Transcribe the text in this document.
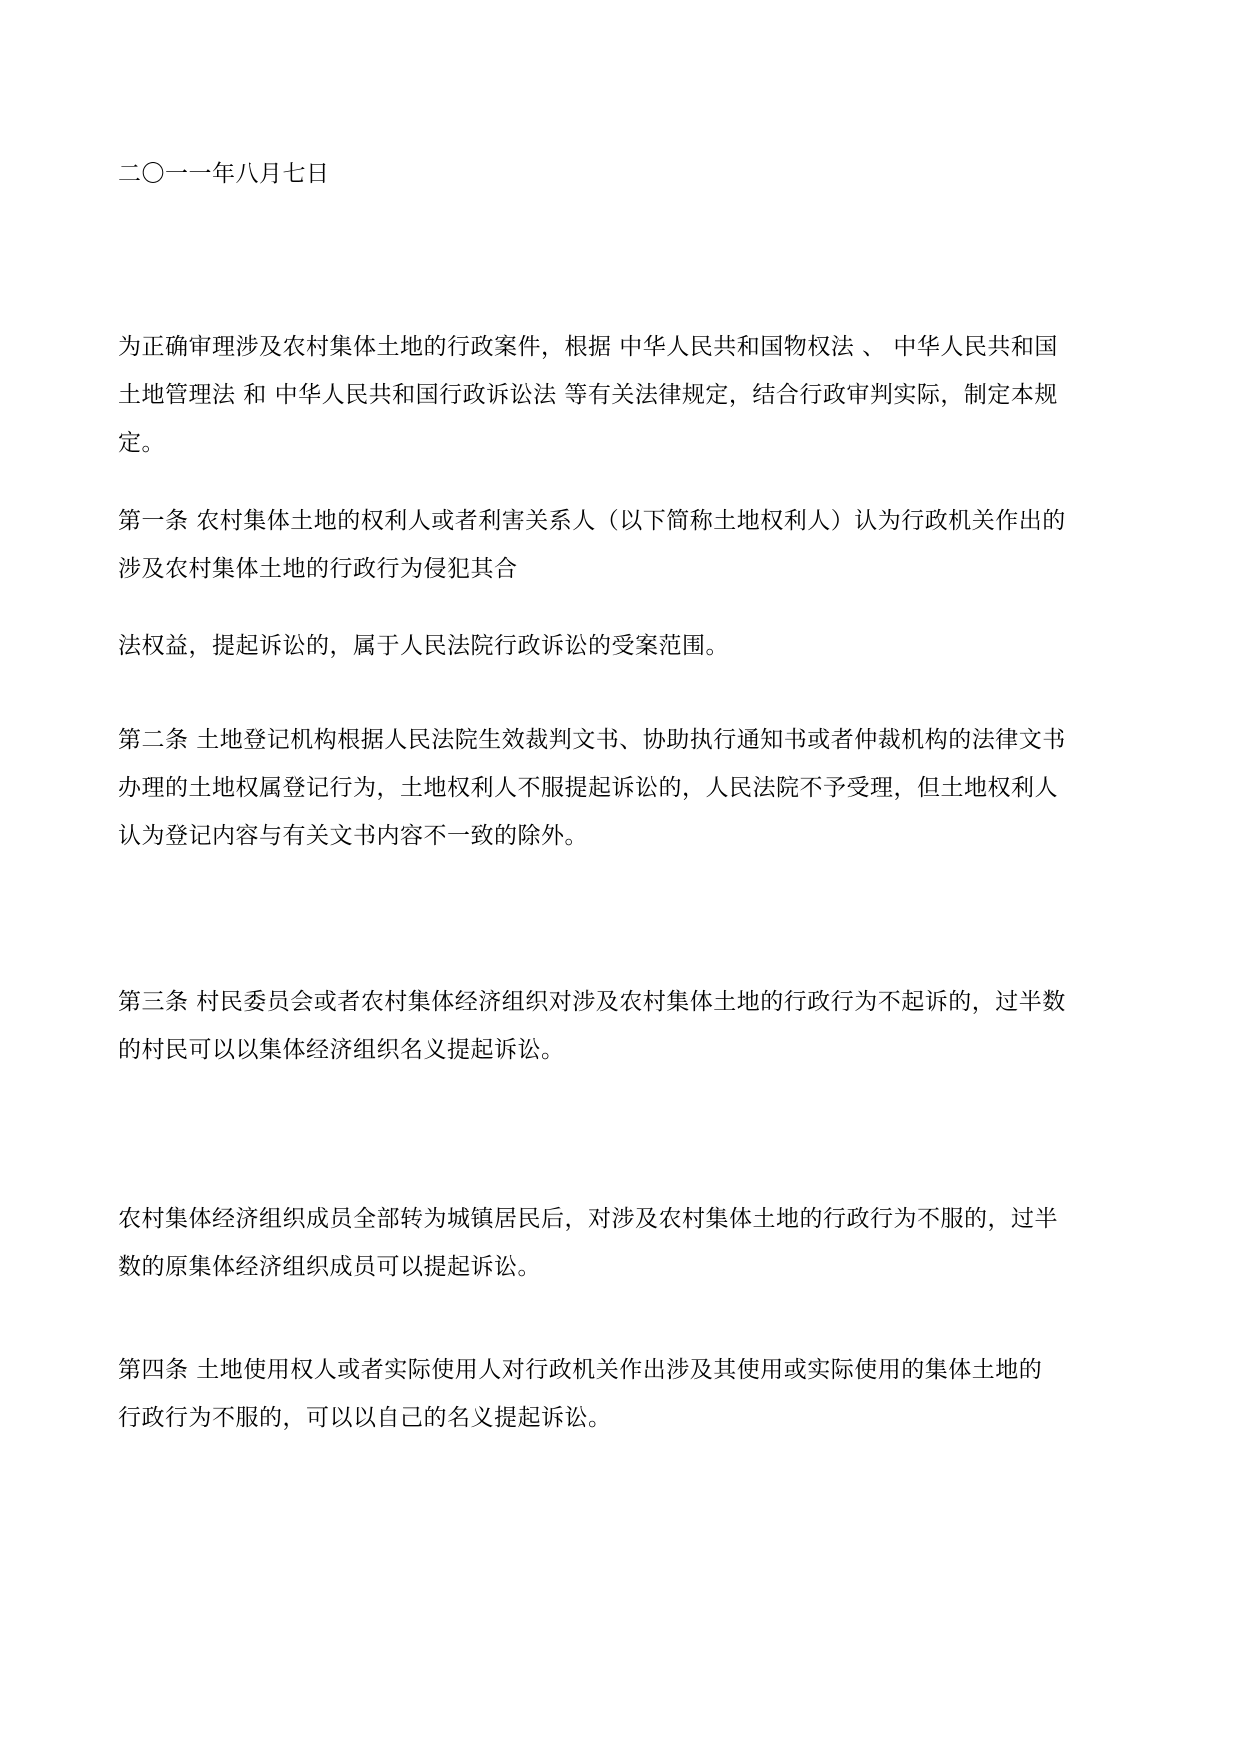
二〇一一年八月七日
为正确审理涉及农村集体土地的行政案件，根据 中华人民共和国物权法 、 中华人民共和国
土地管理法 和 中华人民共和国行政诉讼法 等有关法律规定，结合行政审判实际，制定本规
定。
第一条 农村集体土地的权利人或者利害关系人（以下简称土地权利人）认为行政机关作出的
涉及农村集体土地的行政行为侵犯其合
法权益，提起诉讼的，属于人民法院行政诉讼的受案范围。
第二条 土地登记机构根据人民法院生效裁判文书、协助执行通知书或者仲裁机构的法律文书
办理的土地权属登记行为，土地权利人不服提起诉讼的，人民法院不予受理，但土地权利人
认为登记内容与有关文书内容不一致的除外。
第三条 村民委员会或者农村集体经济组织对涉及农村集体土地的行政行为不起诉的，过半数
的村民可以以集体经济组织名义提起诉讼。
农村集体经济组织成员全部转为城镇居民后，对涉及农村集体土地的行政行为不服的，过半
数的原集体经济组织成员可以提起诉讼。
第四条 土地使用权人或者实际使用人对行政机关作出涉及其使用或实际使用的集体土地的
行政行为不服的，可以以自己的名义提起诉讼。
